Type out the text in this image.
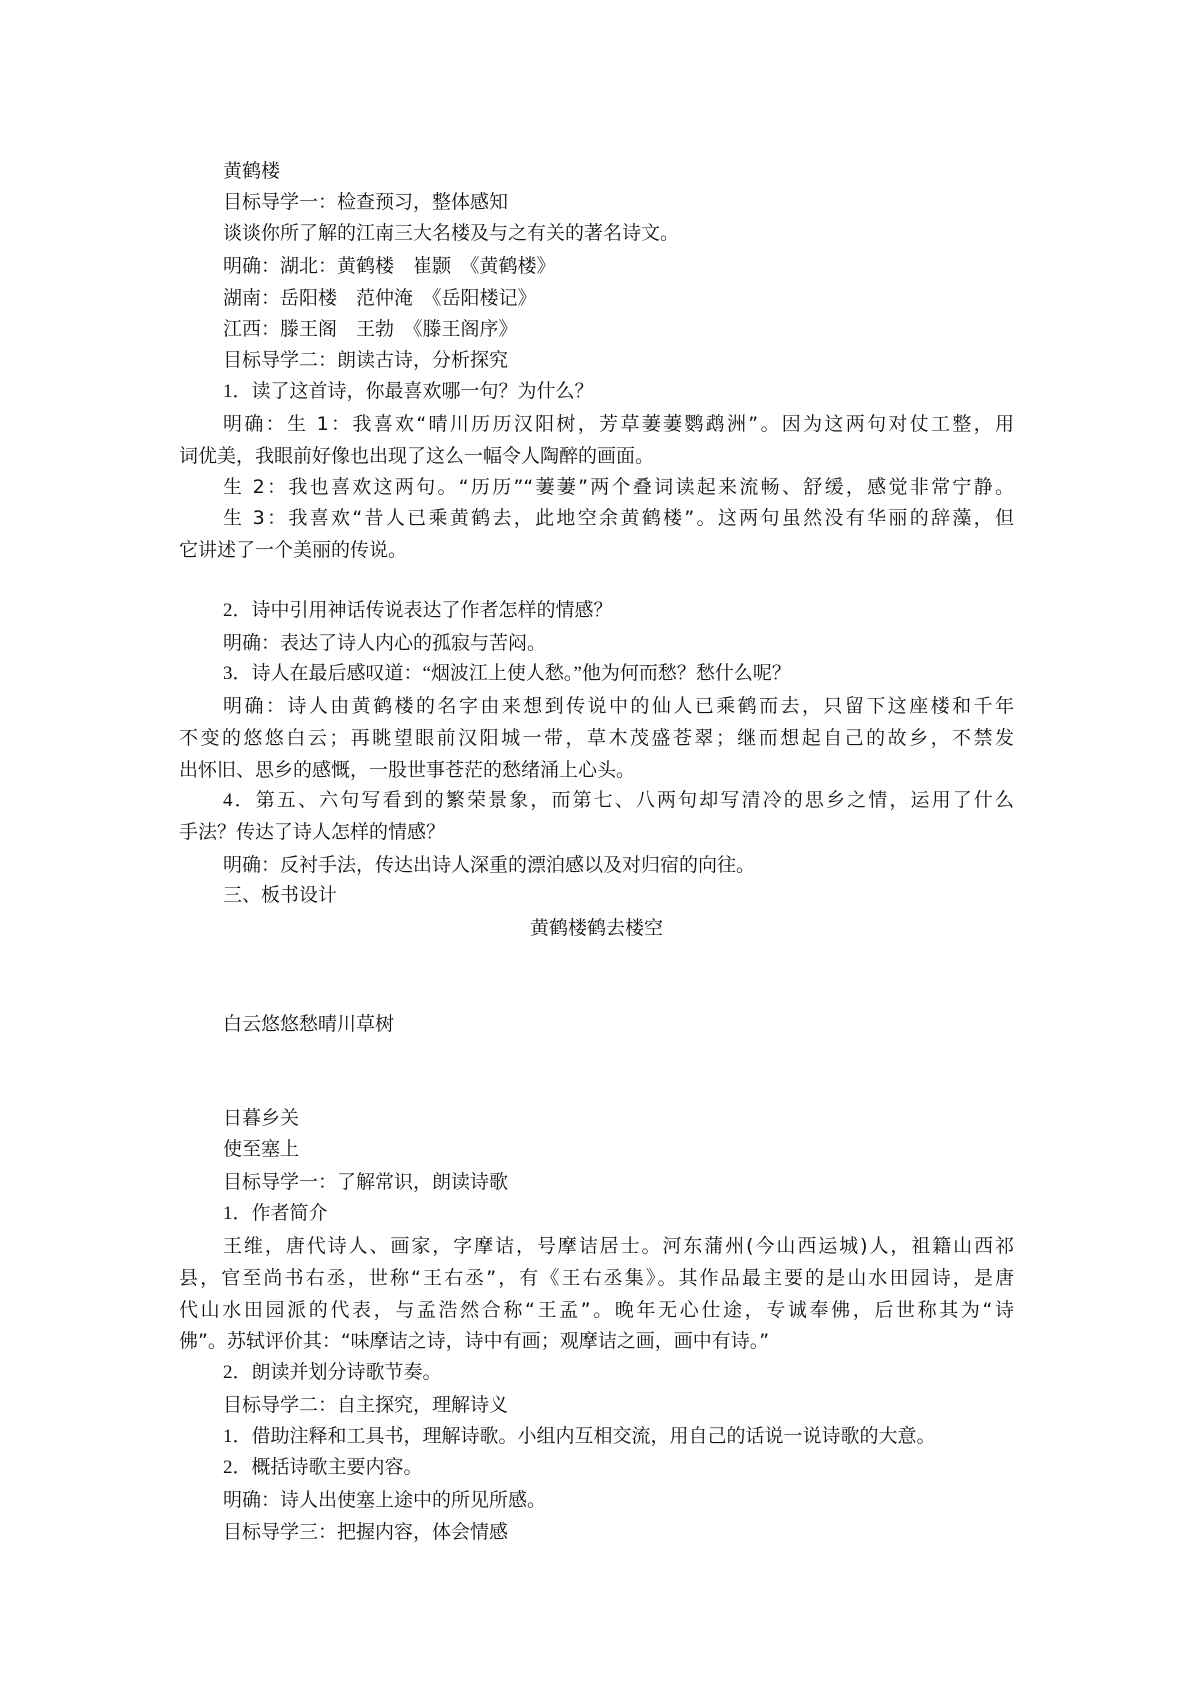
黄鹤楼
目标导学一：检查预习，整体感知
谈谈你所了解的江南三大名楼及与之有关的著名诗文。
明确：湖北：黄鹤楼　崔颢　《黄鹤楼》
湖南：岳阳楼　范仲淹　《岳阳楼记》
江西：滕王阁　王勃　《滕王阁序》
目标导学二：朗读古诗，分析探究
1．读了这首诗，你最喜欢哪一句？为什么？
明确：生 1：我喜欢“晴川历历汉阳树，芳草萋萋鹦鹉洲”。因为这两句对仗工整，用
词优美，我眼前好像也出现了这么一幅令人陶醉的画面。
生 2：我也喜欢这两句。“历历”“萋萋”两个叠词读起来流畅、舒缓，感觉非常宁静。
生 3：我喜欢“昔人已乘黄鹤去，此地空余黄鹤楼”。这两句虽然没有华丽的辞藻，但
它讲述了一个美丽的传说。
2．诗中引用神话传说表达了作者怎样的情感？
明确：表达了诗人内心的孤寂与苦闷。
3．诗人在最后感叹道：“烟波江上使人愁。”他为何而愁？愁什么呢？
明确：诗人由黄鹤楼的名字由来想到传说中的仙人已乘鹤而去，只留下这座楼和千年
不变的悠悠白云；再眺望眼前汉阳城一带，草木茂盛苍翠；继而想起自己的故乡，不禁发
出怀旧、思乡的感慨，一股世事苍茫的愁绪涌上心头。
4．第五、六句写看到的繁荣景象，而第七、八两句却写清冷的思乡之情，运用了什么
手法？传达了诗人怎样的情感？
明确：反衬手法，传达出诗人深重的漂泊感以及对归宿的向往。
三、板书设计
黄鹤楼鹤去楼空
白云悠悠愁晴川草树
日暮乡关
使至塞上
目标导学一：了解常识，朗读诗歌
1．作者简介
王维，唐代诗人、画家，字摩诘，号摩诘居士。河东蒲州(今山西运城)人，祖籍山西祁
县，官至尚书右丞，世称“王右丞”，有《王右丞集》。其作品最主要的是山水田园诗，是唐
代山水田园派的代表，与孟浩然合称“王孟”。晚年无心仕途，专诚奉佛，后世称其为“诗
佛”。苏轼评价其：“味摩诘之诗，诗中有画；观摩诘之画，画中有诗。”
2．朗读并划分诗歌节奏。
目标导学二：自主探究，理解诗义
1．借助注释和工具书，理解诗歌。小组内互相交流，用自己的话说一说诗歌的大意。
2．概括诗歌主要内容。
明确：诗人出使塞上途中的所见所感。
目标导学三：把握内容，体会情感
